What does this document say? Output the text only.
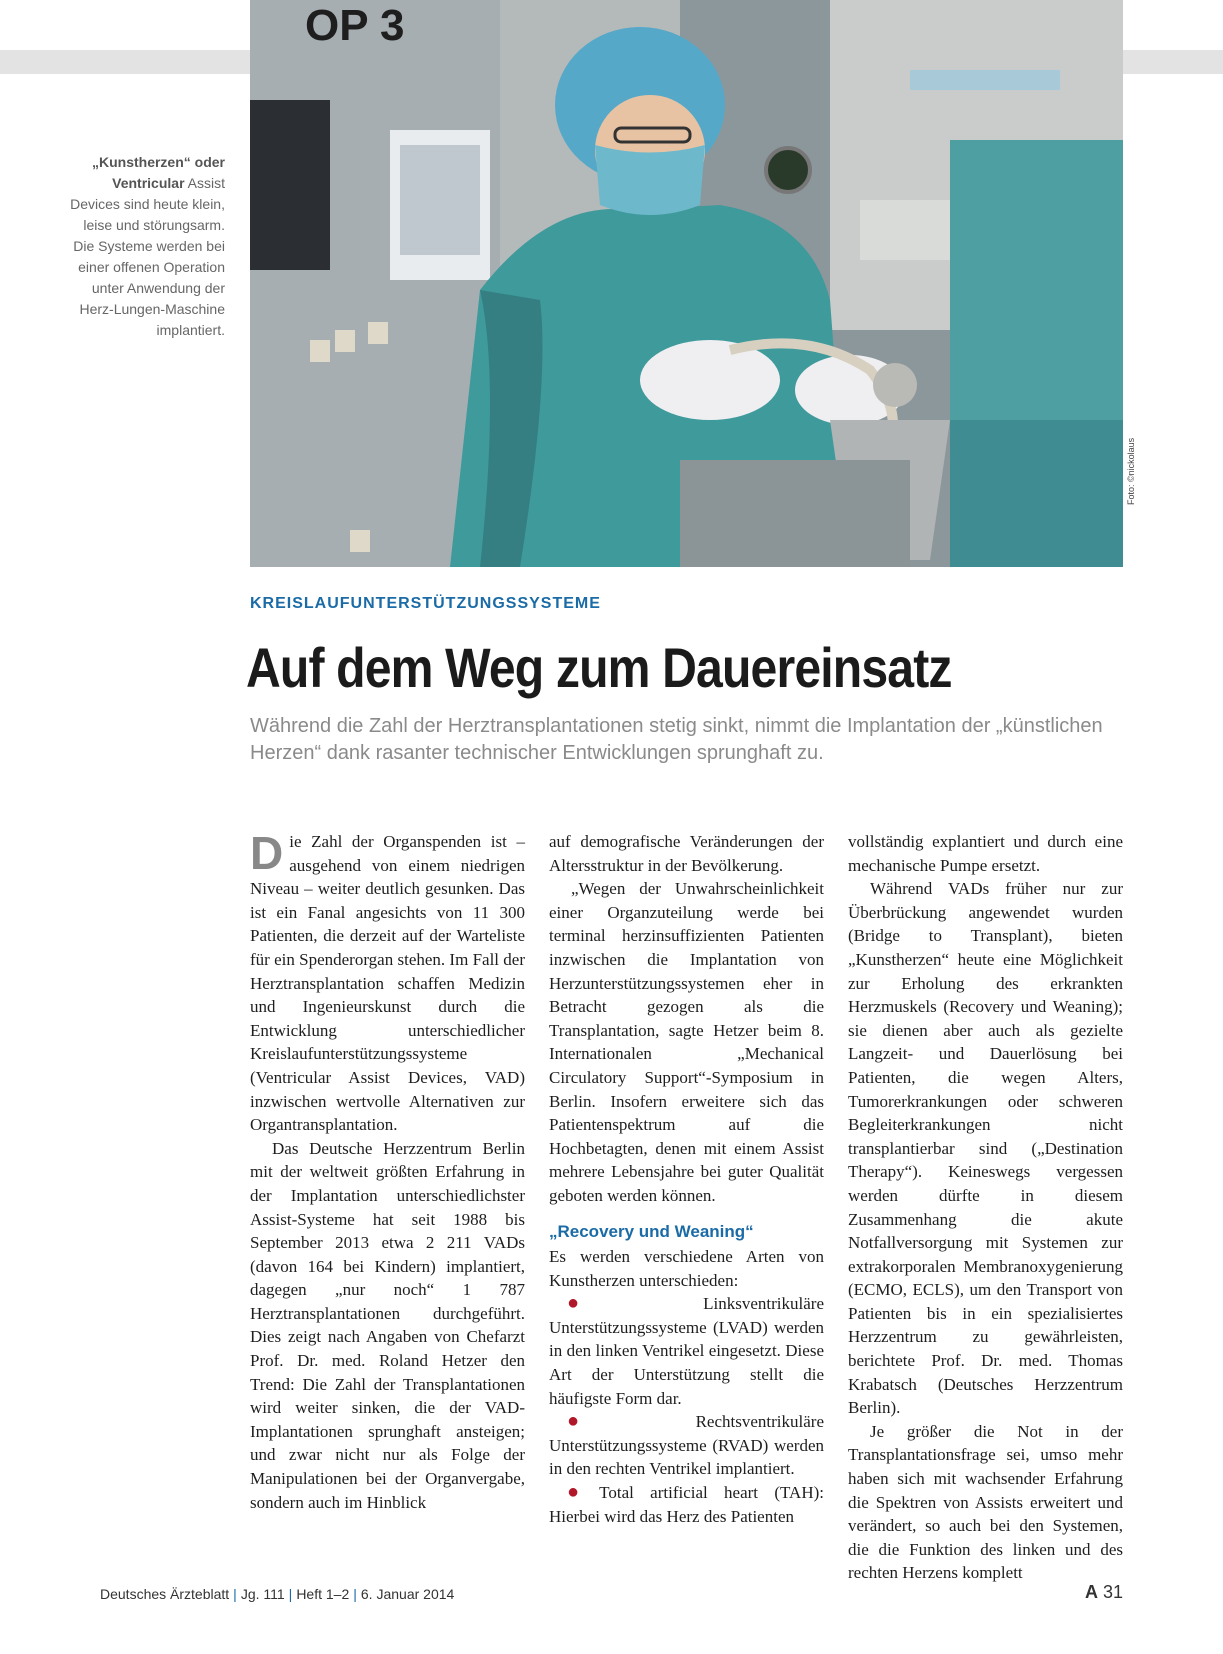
OP 3
Foto: ©nickolaus
„Kunstherzen“ oder Ventricular Assist Devices sind heute klein, leise und störungsarm. Die Systeme werden bei einer offenen Operation unter Anwendung der Herz-Lungen-Maschine implantiert.
KREISLAUFUNTERSTÜTZUNGSSYSTEME
Auf dem Weg zum Dauereinsatz
Während die Zahl der Herztransplantationen stetig sinkt, nimmt die Implantation der „künstlichen Herzen“ dank rasanter technischer Entwicklungen sprunghaft zu.

Die Zahl der Organspenden ist – ausgehend von einem niedrigen Niveau – weiter deutlich gesunken. Das ist ein Fanal angesichts von 11 300 Patienten, die derzeit auf der Warteliste für ein Spenderorgan stehen. Im Fall der Herztransplantation schaffen Medizin und Ingenieurskunst durch die Entwicklung unterschiedlicher Kreislaufunterstützungssysteme (Ventricular Assist Devices, VAD) inzwischen wertvolle Alternativen zur Organtransplantation.

Das Deutsche Herzzentrum Berlin mit der weltweit größten Erfahrung in der Implantation unterschiedlichster Assist-Systeme hat seit 1988 bis September 2013 etwa 2 211 VADs (davon 164 bei Kindern) implantiert, dagegen „nur noch“ 1 787 Herztransplantationen durchgeführt. Dies zeigt nach Angaben von Chefarzt Prof. Dr. med. Roland Hetzer den Trend: Die Zahl der Transplantationen wird weiter sinken, die der VAD-Implantationen sprunghaft ansteigen; und zwar nicht nur als Folge der Manipulationen bei der Organvergabe, sondern auch im Hinblick

auf demografische Veränderungen der Altersstruktur in der Bevölkerung.

„Wegen der Unwahrscheinlichkeit einer Organzuteilung werde bei terminal herzinsuffizienten Patienten inzwischen die Implantation von Herzunterstützungssystemen eher in Betracht gezogen als die Transplantation, sagte Hetzer beim 8. Internationalen „Mechanical Circulatory Support“-Symposium in Berlin. Insofern erweitere sich das Patientenspektrum auf die Hochbetagten, denen mit einem Assist mehrere Lebensjahre bei guter Qualität geboten werden können.

„Recovery und Weaning“

Es werden verschiedene Arten von Kunstherzen unterschieden:

● Linksventrikuläre Unterstützungssysteme (LVAD) werden in den linken Ventrikel eingesetzt. Diese Art der Unterstützung stellt die häufigste Form dar.

● Rechtsventrikuläre Unterstützungssysteme (RVAD) werden in den rechten Ventrikel implantiert.

● Total artificial heart (TAH): Hierbei wird das Herz des Patienten

vollständig explantiert und durch eine mechanische Pumpe ersetzt.

Während VADs früher nur zur Überbrückung angewendet wurden (Bridge to Transplant), bieten „Kunstherzen“ heute eine Möglichkeit zur Erholung des erkrankten Herzmuskels (Recovery und Weaning); sie dienen aber auch als gezielte Langzeit- und Dauerlösung bei Patienten, die wegen Alters, Tumorerkrankungen oder schweren Begleiterkrankungen nicht transplantierbar sind („Destination Therapy“). Keineswegs vergessen werden dürfte in diesem Zusammenhang die akute Notfallversorgung mit Systemen zur extrakorporalen Membranoxygenierung (ECMO, ECLS), um den Transport von Patienten bis in ein spezialisiertes Herzzentrum zu gewährleisten, berichtete Prof. Dr. med. Thomas Krabatsch (Deutsches Herzzentrum Berlin).

Je größer die Not in der Transplantationsfrage sei, umso mehr haben sich mit wachsender Erfahrung die Spektren von Assists erweitert und verändert, so auch bei den Systemen, die die Funktion des linken und des rechten Herzens komplett

Deutsches Ärzteblatt | Jg. 111 | Heft 1–2 | 6. Januar 2014	A 31
